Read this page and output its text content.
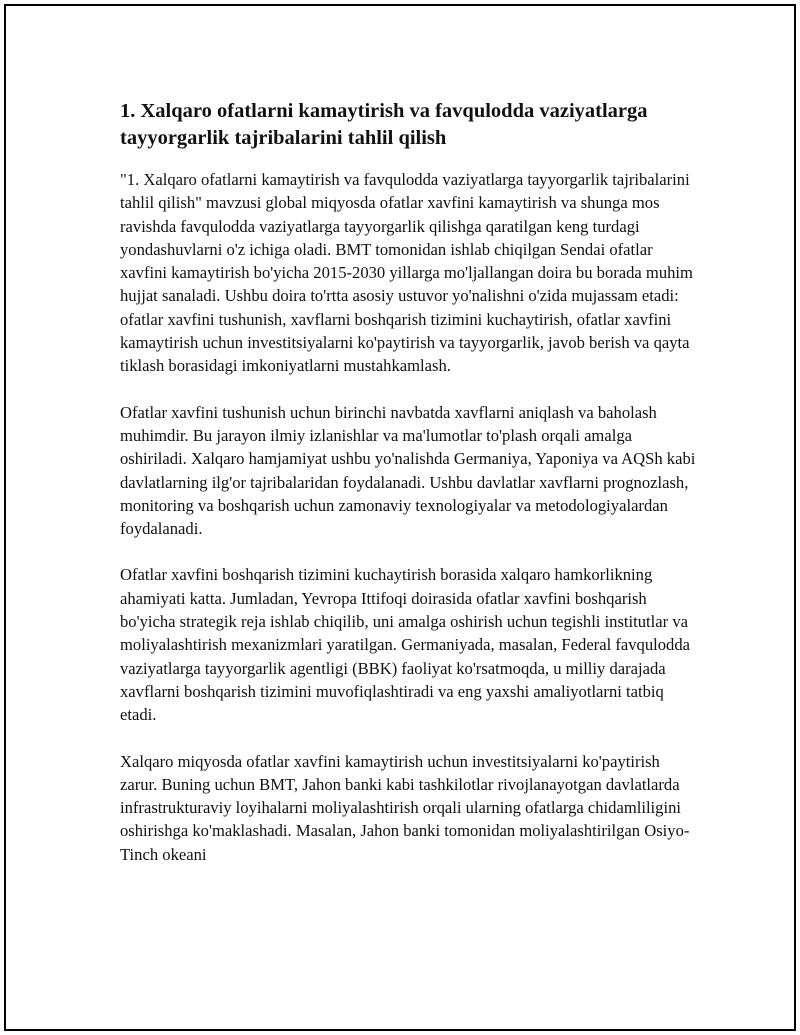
1. Xalqaro ofatlarni kamaytirish va favqulodda vaziyatlarga tayyorgarlik tajribalarini tahlil qilish

"1. Xalqaro ofatlarni kamaytirish va favqulodda vaziyatlarga tayyorgarlik tajribalarini tahlil qilish" mavzusi global miqyosda ofatlar xavfini kamaytirish va shunga mos ravishda favqulodda vaziyatlarga tayyorgarlik qilishga qaratilgan keng turdagi yondashuvlarni o'z ichiga oladi. BMT tomonidan ishlab chiqilgan Sendai ofatlar xavfini kamaytirish bo'yicha 2015-2030 yillarga mo'ljallangan doira bu borada muhim hujjat sanaladi. Ushbu doira to'rtta asosiy ustuvor yo'nalishni o'zida mujassam etadi: ofatlar xavfini tushunish, xavflarni boshqarish tizimini kuchaytirish, ofatlar xavfini kamaytirish uchun investitsiyalarni ko'paytirish va tayyorgarlik, javob berish va qayta tiklash borasidagi imkoniyatlarni mustahkamlash.

Ofatlar xavfini tushunish uchun birinchi navbatda xavflarni aniqlash va baholash muhimdir. Bu jarayon ilmiy izlanishlar va ma'lumotlar to'plash orqali amalga oshiriladi. Xalqaro hamjamiyat ushbu yo'nalishda Germaniya, Yaponiya va AQSh kabi davlatlarning ilg'or tajribalaridan foydalanadi. Ushbu davlatlar xavflarni prognozlash, monitoring va boshqarish uchun zamonaviy texnologiyalar va metodologiyalardan foydalanadi.

Ofatlar xavfini boshqarish tizimini kuchaytirish borasida xalqaro hamkorlikning ahamiyati katta. Jumladan, Yevropa Ittifoqi doirasida ofatlar xavfini boshqarish bo'yicha strategik reja ishlab chiqilib, uni amalga oshirish uchun tegishli institutlar va moliyalashtirish mexanizmlari yaratilgan. Germaniyada, masalan, Federal favqulodda vaziyatlarga tayyorgarlik agentligi (BBK) faoliyat ko'rsatmoqda, u milliy darajada xavflarni boshqarish tizimini muvofiqlashtiradi va eng yaxshi amaliyotlarni tatbiq etadi.

Xalqaro miqyosda ofatlar xavfini kamaytirish uchun investitsiyalarni ko'paytirish zarur. Buning uchun BMT, Jahon banki kabi tashkilotlar rivojlanayotgan davlatlarda infrastrukturaviy loyihalarni moliyalashtirish orqali ularning ofatlarga chidamliligini oshirishga ko'maklashadi. Masalan, Jahon banki tomonidan moliyalashtirilgan Osiyo-Tinch okeani
